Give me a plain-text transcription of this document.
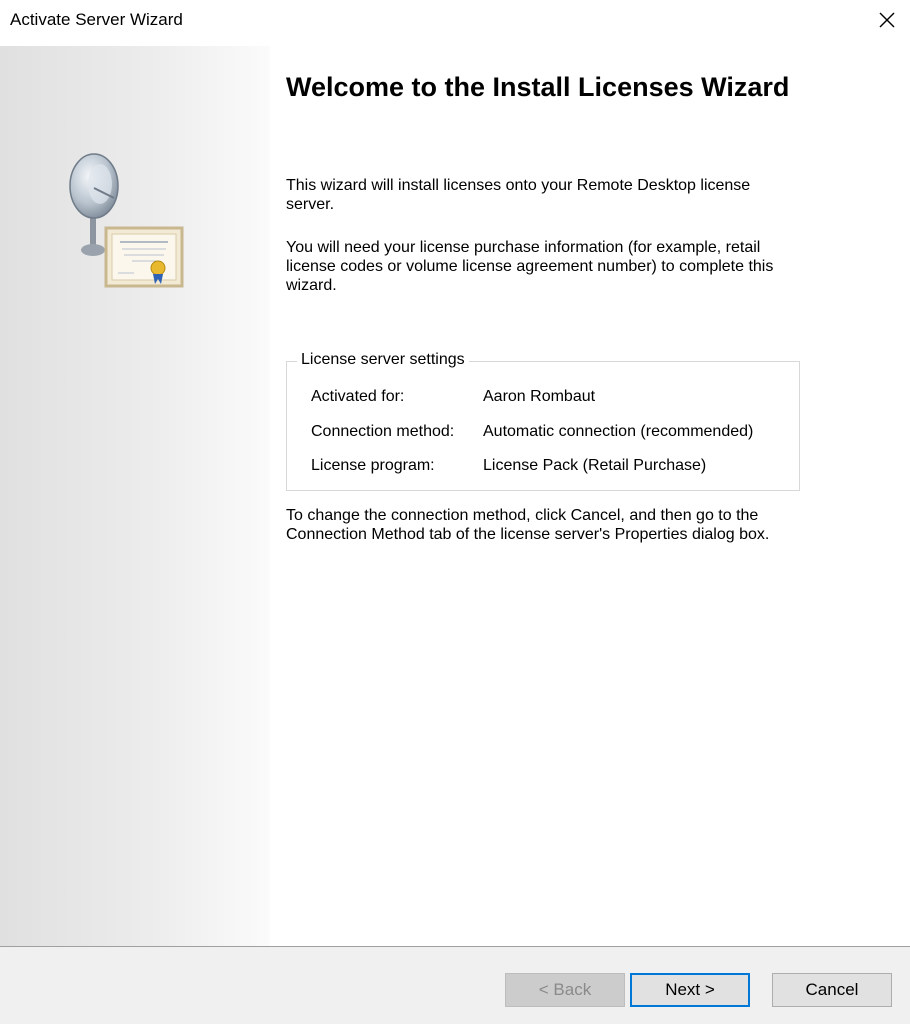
Activate Server Wizard
Welcome to the Install Licenses Wizard
This wizard will install licenses onto your Remote Desktop license server.
You will need your license purchase information (for example, retail license codes or volume license agreement number) to complete this wizard.
License server settings
Activated for:	Aaron Rombaut
Connection method: Automatic connection (recommended)
License program:	License Pack (Retail Purchase)
To change the connection method, click Cancel, and then go to the Connection Method tab of the license server's Properties dialog box.
< Back	Next >	Cancel
